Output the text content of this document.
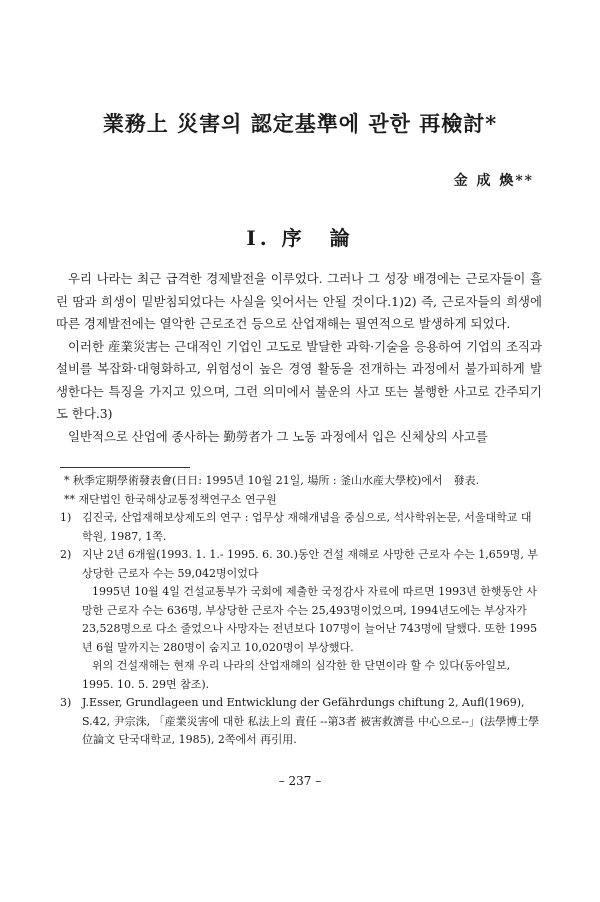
業務上 災害의 認定基準에 관한 再檢討*
金 成 煥**
Ⅰ. 序　論

우리 나라는 최근 급격한 경제발전을 이루었다. 그러나 그 성장 배경에는 근로자들이 흘린 땀과 희생이 밑받침되었다는 사실을 잊어서는 안될 것이다.1)2) 즉, 근로자들의 희생에 따른 경제발전에는 열악한 근로조건 등으로 산업재해는 필연적으로 발생하게 되었다.

이러한 産業災害는 근대적인 기업인 고도로 발달한 과학·기술을 응용하여 기업의 조직과 설비를 복잡화·대형화하고, 위험성이 높은 경영 활동을 전개하는 과정에서 불가피하게 발생한다는 특징을 가지고 있으며, 그런 의미에서 불운의 사고 또는 불행한 사고로 간주되기도 한다.3)

일반적으로 산업에 종사하는 勤勞者가 그 노동 과정에서 입은 신체상의 사고를

* 秋季定期學術發表會(日日: 1995년 10월 21일, 場所 : 釜山水産大學校)에서　發表.

** 재단법인 한국해상교통정책연구소 연구원

1) 김진국, 산업재해보상제도의 연구 : 업무상 재해개념을 중심으로, 석사학위논문, 서울대학교 대학원, 1987, 1쪽.
2) 지난 2년 6개월(1993. 1. 1.- 1995. 6. 30.)동안 건설 재해로 사망한 근로자 수는 1,659명, 부상당한 근로자 수는 59,042명이었다

1995년 10월 4일 건설교통부가 국회에 제출한 국정감사 자료에 따르면 1993년 한햇동안 사망한 근로자 수는 636명, 부상당한 근로자 수는 25,493명이었으며, 1994년도에는 부상자가 23,528명으로 다소 줄었으나 사망자는 전년보다 107명이 늘어난 743명에 달했다. 또한 1995년 6월 말까지는 280명이 숨지고 10,020명이 부상했다.

위의 건설재해는 현재 우리 나라의 산업재해의 심각한 한 단면이라 할 수 있다(동아일보, 1995. 10. 5. 29면 참조).

3) J.Esser, Grundlageen und Entwicklung der Gefährdungs chiftung 2, Aufl(1969), S.42, 尹宗洙, 「産業災害에 대한 私法上의 責任 --第3者 被害救濟를 中心으로--」(法學博士學位論文 단국대학교, 1985), 2쪽에서 再引用.
– 237 –
